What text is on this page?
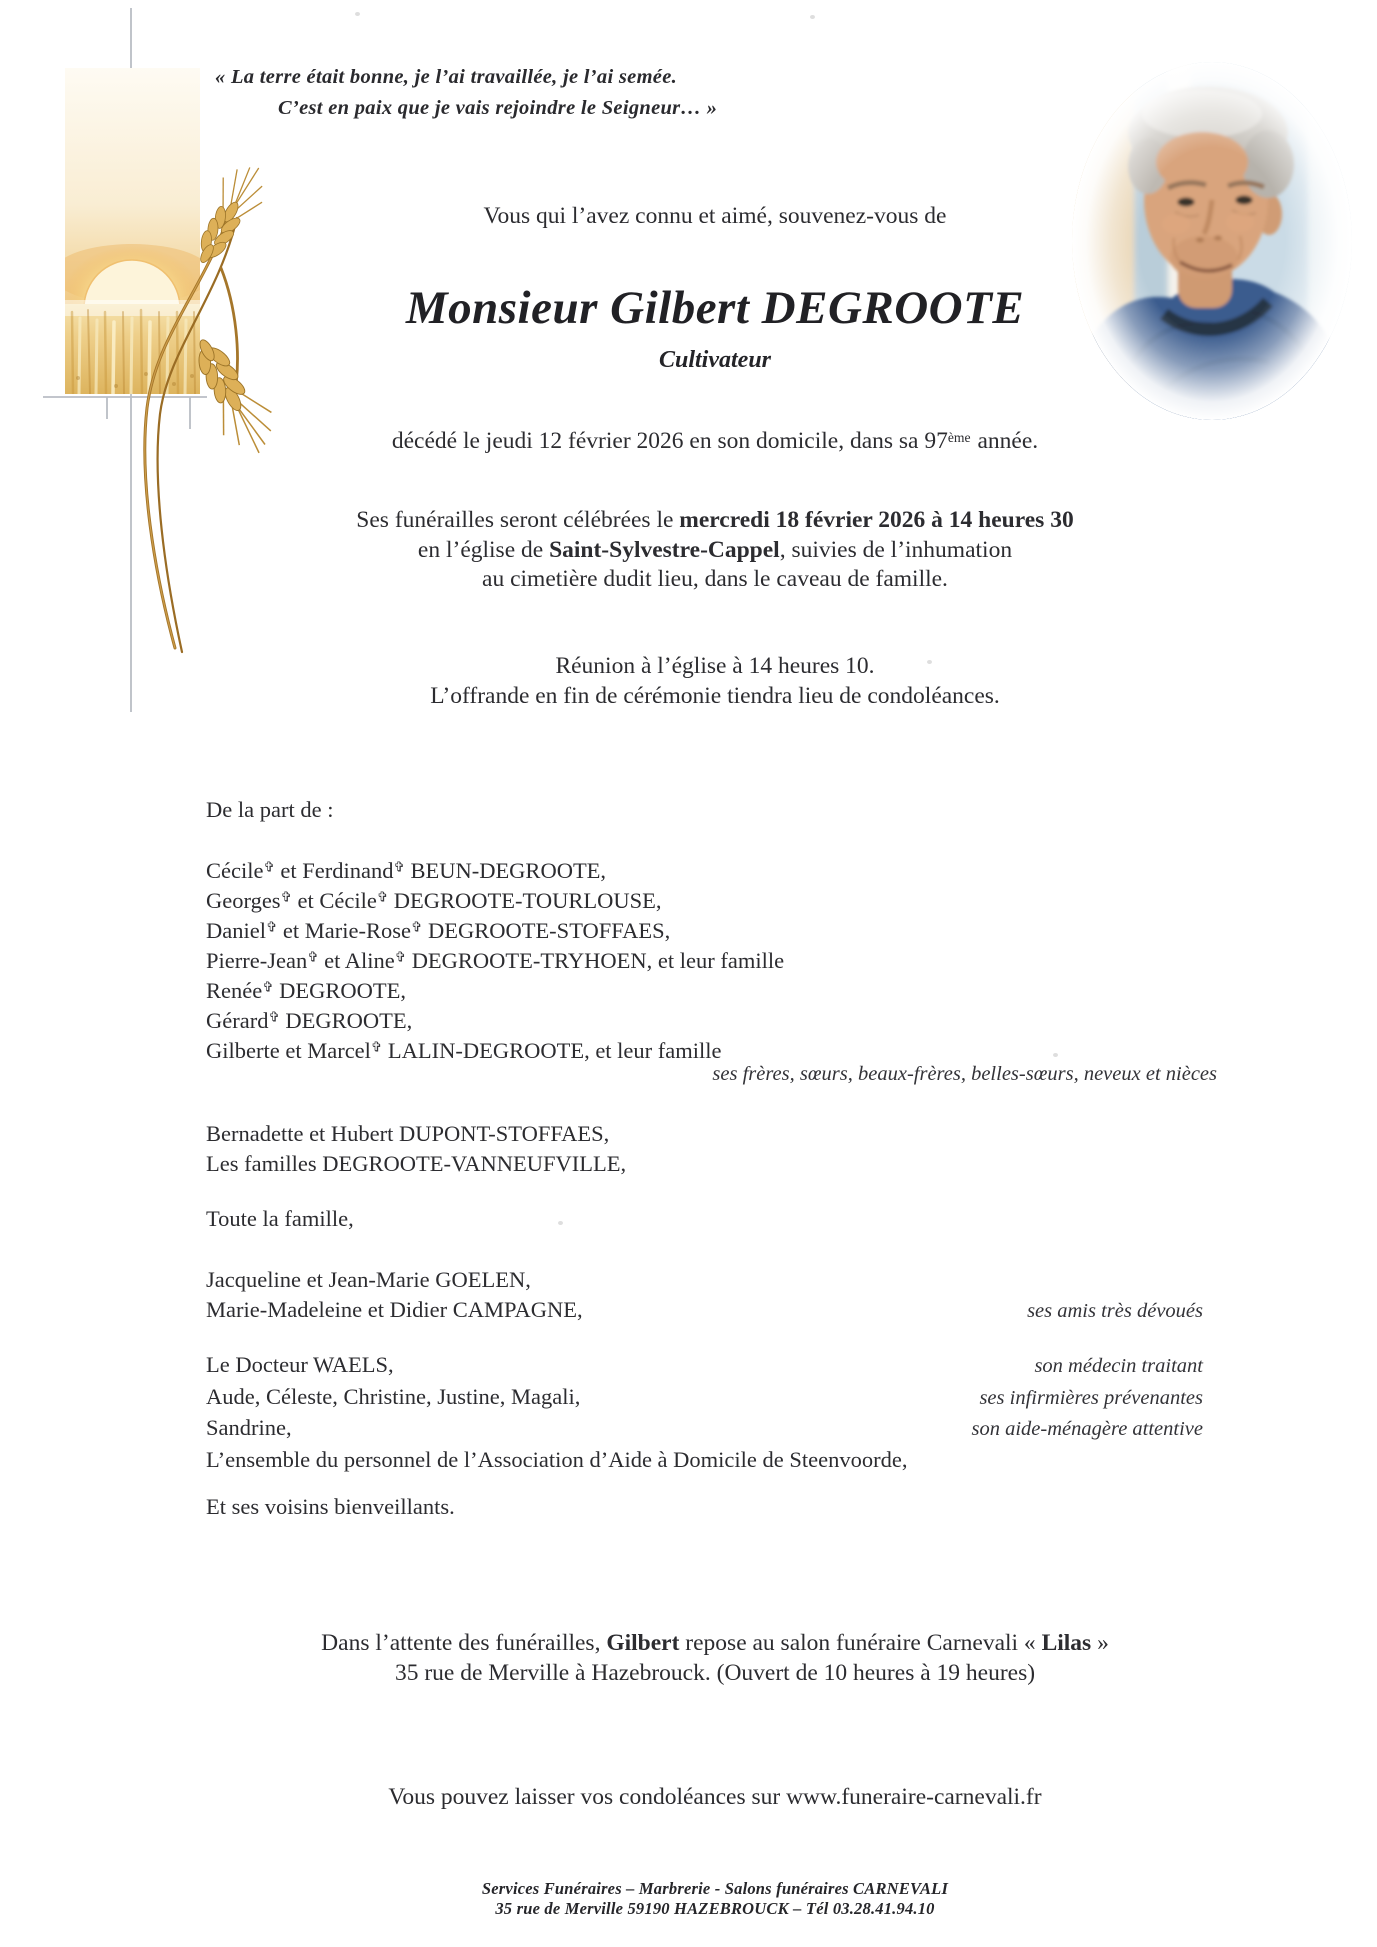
« La terre était bonne, je l’ai travaillée, je l’ai semée.
C’est en paix que je vais rejoindre le Seigneur… »
Vous qui l’avez connu et aimé, souvenez-vous de
Monsieur Gilbert DEGROOTE
Cultivateur
décédé le jeudi 12 février 2026 en son domicile, dans sa 97ème année.
Ses funérailles seront célébrées le mercredi 18 février 2026 à 14 heures 30
en l’église de Saint-Sylvestre-Cappel, suivies de l’inhumation
au cimetière dudit lieu, dans le caveau de famille.
Réunion à l’église à 14 heures 10.
L’offrande en fin de cérémonie tiendra lieu de condoléances.
De la part de :
Cécile✞ et Ferdinand✞ BEUN-DEGROOTE,
Georges✞ et Cécile✞ DEGROOTE-TOURLOUSE,
Daniel✞ et Marie-Rose✞ DEGROOTE-STOFFAES,
Pierre-Jean✞ et Aline✞ DEGROOTE-TRYHOEN, et leur famille
Renée✞ DEGROOTE,
Gérard✞ DEGROOTE,
Gilberte et Marcel✞ LALIN-DEGROOTE, et leur famille
ses frères, sœurs, beaux-frères, belles-sœurs, neveux et nièces
Bernadette et Hubert DUPONT-STOFFAES,
Les familles DEGROOTE-VANNEUFVILLE,
Toute la famille,
Jacqueline et Jean-Marie GOELEN,
Marie-Madeleine et Didier CAMPAGNE,	ses amis très dévoués
Le Docteur WAELS,	son médecin traitant
Aude, Céleste, Christine, Justine, Magali,	ses infirmières prévenantes
Sandrine,	son aide-ménagère attentive
L’ensemble du personnel de l’Association d’Aide à Domicile de Steenvoorde,
Et ses voisins bienveillants.
Dans l’attente des funérailles, Gilbert repose au salon funéraire Carnevali « Lilas »
35 rue de Merville à Hazebrouck. (Ouvert de 10 heures à 19 heures)
Vous pouvez laisser vos condoléances sur www.funeraire-carnevali.fr
Services Funéraires – Marbrerie - Salons funéraires CARNEVALI
35 rue de Merville 59190 HAZEBROUCK – Tél 03.28.41.94.10
